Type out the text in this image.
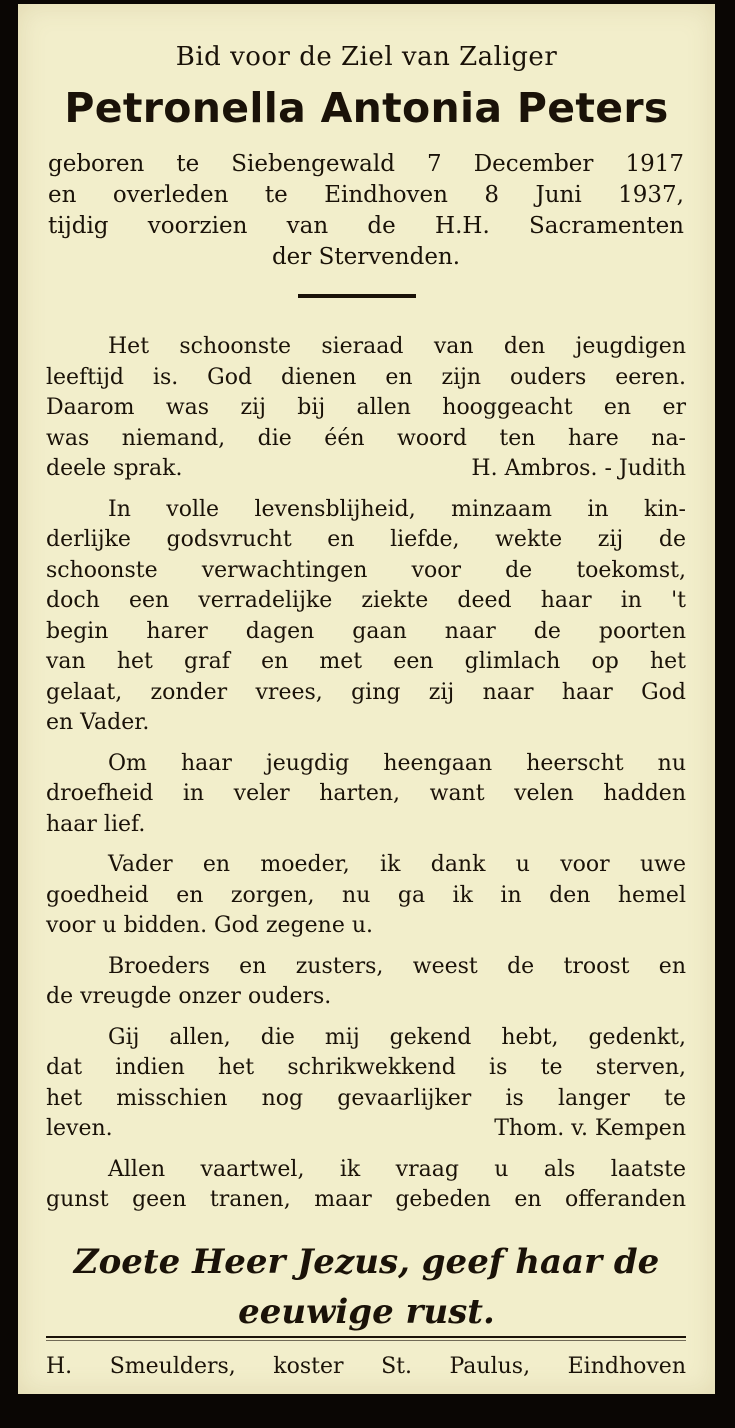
Bid voor de Ziel van Zaliger
Petronella Antonia Peters
geboren te Siebengewald 7 December 1917
en overleden te Eindhoven 8 Juni 1937,
tijdig voorzien van de H.H. Sacramenten
der Stervenden.
Het schoonste sieraad van den jeugdigen
leeftijd is. God dienen en zijn ouders eeren.
Daarom was zij bij allen hooggeacht en er
was niemand, die één woord ten hare na-
deele sprak.	H. Ambros. - Judith
In volle levensblijheid, minzaam in kin-
derlijke godsvrucht en liefde, wekte zij de
schoonste verwachtingen voor de toekomst,
doch een verradelijke ziekte deed haar in 't
begin harer dagen gaan naar de poorten
van het graf en met een glimlach op het
gelaat, zonder vrees, ging zij naar haar God
en Vader.
Om haar jeugdig heengaan heerscht nu
droefheid in veler harten, want velen hadden
haar lief.
Vader en moeder, ik dank u voor uwe
goedheid en zorgen, nu ga ik in den hemel
voor u bidden. God zegene u.
Broeders en zusters, weest de troost en
de vreugde onzer ouders.
Gij allen, die mij gekend hebt, gedenkt,
dat indien het schrikwekkend is te sterven,
het misschien nog gevaarlijker is langer te
leven.	Thom. v. Kempen
Allen vaartwel, ik vraag u als laatste
gunst geen tranen, maar gebeden en offeranden
Zoete Heer Jezus, geef haar de
eeuwige rust.
H. Smeulders, koster St. Paulus, Eindhoven
